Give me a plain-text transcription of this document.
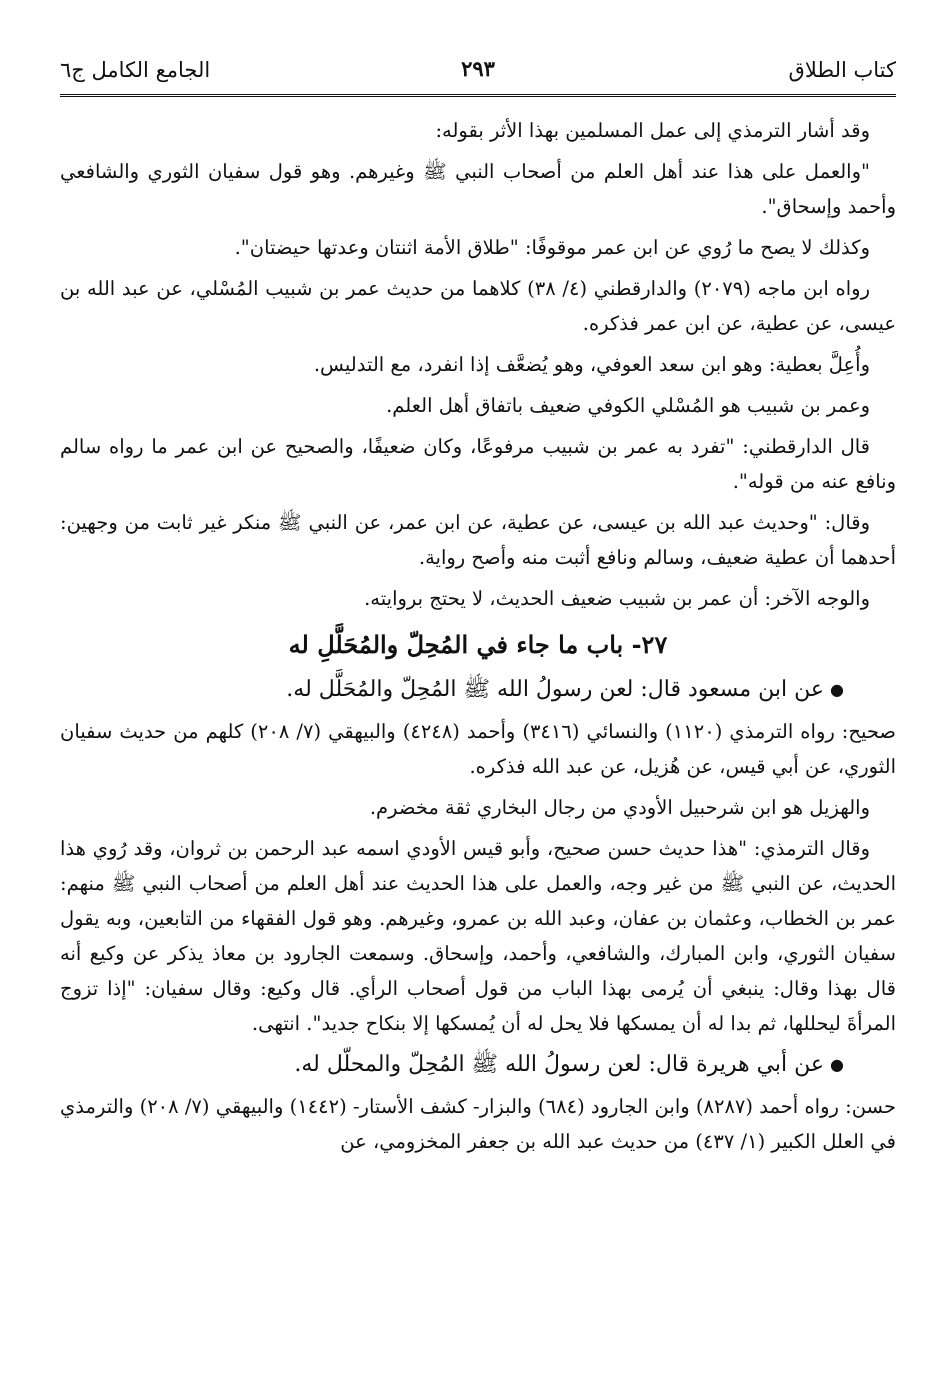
كتاب الطلاق
٢٩٣
الجامع الكامل ج٦

وقد أشار الترمذي إلى عمل المسلمين بهذا الأثر بقوله:

"والعمل على هذا عند أهل العلم من أصحاب النبي ﷺ وغيرهم. وهو قول سفيان الثوري والشافعي وأحمد وإسحاق".

وكذلك لا يصح ما رُوي عن ابن عمر موقوفًا: "طلاق الأمة اثنتان وعدتها حيضتان".

رواه ابن ماجه (٢٠٧٩) والدارقطني (٤/ ٣٨) كلاهما من حديث عمر بن شبيب المُسْلي، عن عبد الله بن عيسى، عن عطية، عن ابن عمر فذكره.

وأُعِلَّ بعطية: وهو ابن سعد العوفي، وهو يُضعَّف إذا انفرد، مع التدليس.

وعمر بن شبيب هو المُسْلي الكوفي ضعيف باتفاق أهل العلم.

قال الدارقطني: "تفرد به عمر بن شبيب مرفوعًا، وكان ضعيفًا، والصحيح عن ابن عمر ما رواه سالم ونافع عنه من قوله".

وقال: "وحديث عبد الله بن عيسى، عن عطية، عن ابن عمر، عن النبي ﷺ منكر غير ثابت من وجهين: أحدهما أن عطية ضعيف، وسالم ونافع أثبت منه وأصح رواية.

والوجه الآخر: أن عمر بن شبيب ضعيف الحديث، لا يحتج بروايته.

٢٧- باب ما جاء في المُحِلّ والمُحَلَّلِ له

●عن ابن مسعود قال: لعن رسولُ الله ﷺ المُحِلّ والمُحَلَّل له.

صحيح: رواه الترمذي (١١٢٠) والنسائي (٣٤١٦) وأحمد (٤٢٤٨) والبيهقي (٧/ ٢٠٨) كلهم من حديث سفيان الثوري، عن أبي قيس، عن هُزيل، عن عبد الله فذكره.

والهزيل هو ابن شرحبيل الأودي من رجال البخاري ثقة مخضرم.

وقال الترمذي: "هذا حديث حسن صحيح، وأبو قيس الأودي اسمه عبد الرحمن بن ثروان، وقد رُوي هذا الحديث، عن النبي ﷺ من غير وجه، والعمل على هذا الحديث عند أهل العلم من أصحاب النبي ﷺ منهم: عمر بن الخطاب، وعثمان بن عفان، وعبد الله بن عمرو، وغيرهم. وهو قول الفقهاء من التابعين، وبه يقول سفيان الثوري، وابن المبارك، والشافعي، وأحمد، وإسحاق. وسمعت الجارود بن معاذ يذكر عن وكيع أنه قال بهذا وقال: ينبغي أن يُرمى بهذا الباب من قول أصحاب الرأي. قال وكيع: وقال سفيان: "إذا تزوج المرأةَ ليحللها، ثم بدا له أن يمسكها فلا يحل له أن يُمسكها إلا بنكاح جديد". انتهى.

●عن أبي هريرة قال: لعن رسولُ الله ﷺ المُحِلّ والمحلّل له.

حسن: رواه أحمد (٨٢٨٧) وابن الجارود (٦٨٤) والبزار- كشف الأستار- (١٤٤٢) والبيهقي (٧/ ٢٠٨) والترمذي في العلل الكبير (١/ ٤٣٧) من حديث عبد الله بن جعفر المخزومي، عن
